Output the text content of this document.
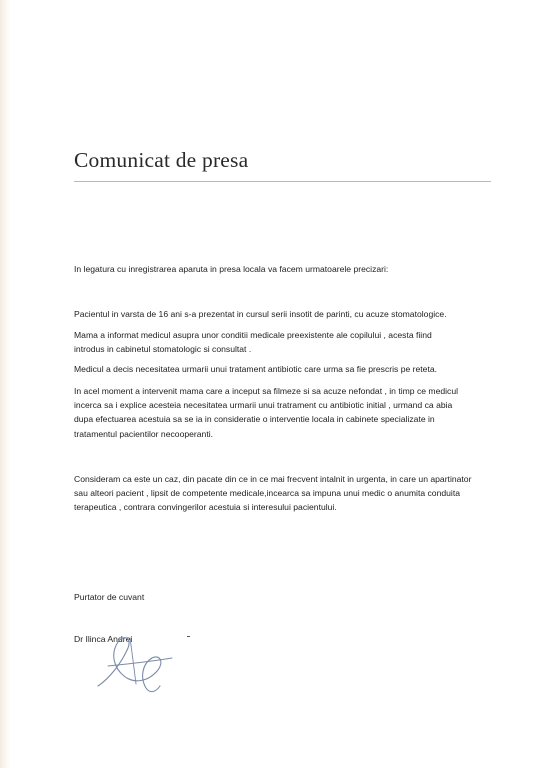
Comunicat de presa

In legatura cu inregistrarea aparuta in presa locala va facem urmatoarele precizari:

Pacientul in varsta de 16 ani s-a prezentat in cursul serii insotit de parinti, cu acuze stomatologice.

Mama a informat medicul asupra unor conditii medicale preexistente ale copilului , acesta fiind
introdus in cabinetul stomatologic si consultat .

Medicul a decis necesitatea urmarii unui tratament antibiotic care urma sa fie prescris pe reteta.

In acel moment a intervenit mama care a inceput sa filmeze si sa acuze nefondat , in timp ce medicul
incerca sa i explice acesteia necesitatea urmarii unui tratrament cu antibiotic initial , urmand ca abia
dupa efectuarea acestuia sa se ia in consideratie o interventie locala in cabinete specializate in
tratamentul pacientilor necooperanti.

Consideram ca este un caz, din pacate din ce in ce mai frecvent intalnit in urgenta, in care un apartinator
sau alteori pacient , lipsit de competente medicale,incearca sa impuna unui medic o anumita conduita
terapeutica , contrara convingerilor acestuia si interesului pacientului.

Purtator de cuvant

Dr Ilinca Andrei
